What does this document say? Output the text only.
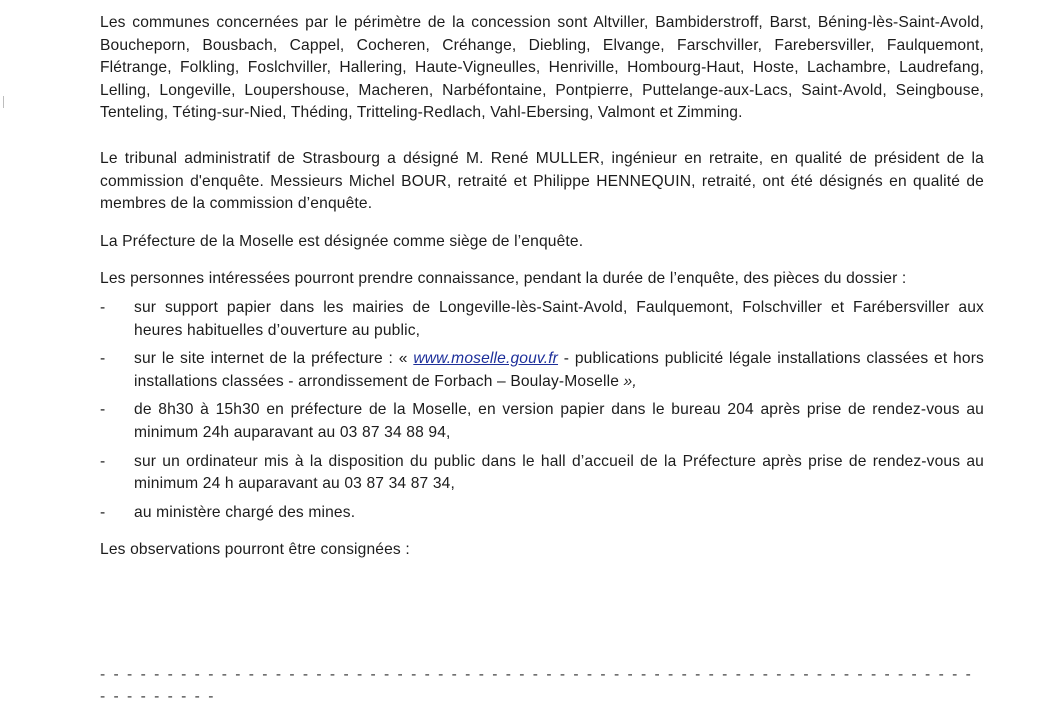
Les communes concernées par le périmètre de la concession sont Altviller, Bambiderstroff, Barst, Béning-lès-Saint-Avold, Boucheporn, Bousbach, Cappel, Cocheren, Créhange, Diebling, Elvange, Farschviller, Farebersviller, Faulquemont, Flétrange, Folkling, Foslchviller, Hallering, Haute-Vigneulles, Henriville, Hombourg-Haut, Hoste, Lachambre, Laudrefang, Lelling, Longeville, Loupershouse, Macheren, Narbéfontaine, Pontpierre, Puttelange-aux-Lacs, Saint-Avold, Seingbouse, Tenteling, Téting-sur-Nied, Théding, Tritteling-Redlach, Vahl-Ebersing, Valmont et Zimming.

Le tribunal administratif de Strasbourg a désigné M. René MULLER, ingénieur en retraite, en qualité de président de la commission d'enquête. Messieurs Michel BOUR, retraité et Philippe HENNEQUIN, retraité, ont été désignés en qualité de membres de la commission d’enquête.

La Préfecture de la Moselle est désignée comme siège de l’enquête.

Les personnes intéressées pourront prendre connaissance, pendant la durée de l’enquête, des pièces du dossier :

- sur support papier dans les mairies de Longeville-lès-Saint-Avold, Faulquemont, Folschviller et Farébersviller aux heures habituelles d’ouverture au public,
- sur le site internet de la préfecture : « www.moselle.gouv.fr - publications publicité légale installations classées et hors installations classées - arrondissement de Forbach – Boulay-Moselle »,
- de 8h30 à 15h30 en préfecture de la Moselle, en version papier dans le bureau 204 après prise de rendez-vous au minimum 24h auparavant au 03 87 34 88 94,
- sur un ordinateur mis à la disposition du public dans le hall d’accueil de la Préfecture après prise de rendez-vous au minimum 24 h auparavant au 03 87 34 87 34,
- au ministère chargé des mines.

Les observations pourront être consignées :

- - - - - - - - - - - - - - - - - - - - - - - - - - - - - - - - - - - - - - - - - - - - - - - - - - - - - - - - - - - - - - - - - - - - - - - - - -
